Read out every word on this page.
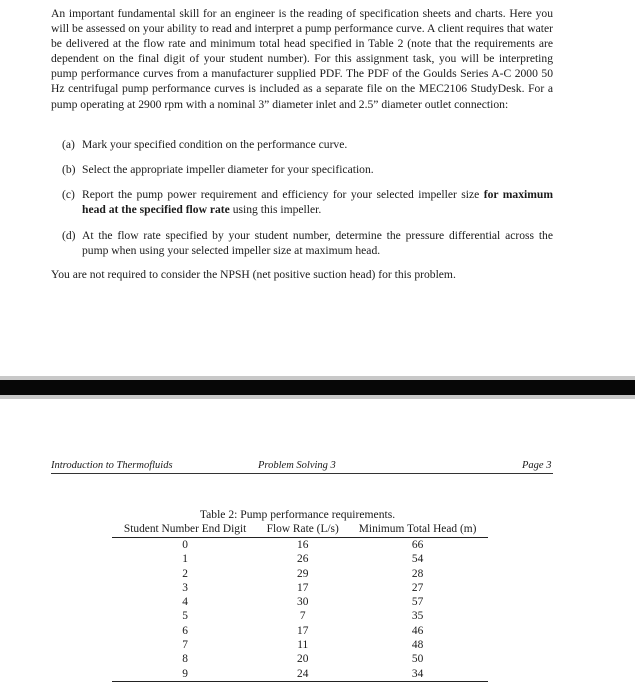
An important fundamental skill for an engineer is the reading of specification sheets and charts. Here you will be assessed on your ability to read and interpret a pump performance curve. A client requires that water be delivered at the flow rate and minimum total head specified in Table 2 (note that the requirements are dependent on the final digit of your student number). For this assignment task, you will be interpreting pump performance curves from a manufacturer supplied PDF. The PDF of the Goulds Series A-C 2000 50 Hz centrifugal pump performance curves is included as a separate file on the MEC2106 StudyDesk. For a pump operating at 2900 rpm with a nominal 3” diameter inlet and 2.5” diameter outlet connection:

(a) Mark your specified condition on the performance curve.
(b) Select the appropriate impeller diameter for your specification.
(c) Report the pump power requirement and efficiency for your selected impeller size for maximum head at the specified flow rate using this impeller.
(d) At the flow rate specified by your student number, determine the pressure differential across the pump when using your selected impeller size at maximum head.

You are not required to consider the NPSH (net positive suction head) for this problem.

Introduction to Thermofluids	Problem Solving 3	Page 3
Table 2: Pump performance requirements.
Student Number End Digit	Flow Rate (L/s)	Minimum Total Head (m)
0	16	66
1	26	54
2	29	28
3	17	27
4	30	57
5	7	35
6	17	46
7	11	48
8	20	50
9	24	34
